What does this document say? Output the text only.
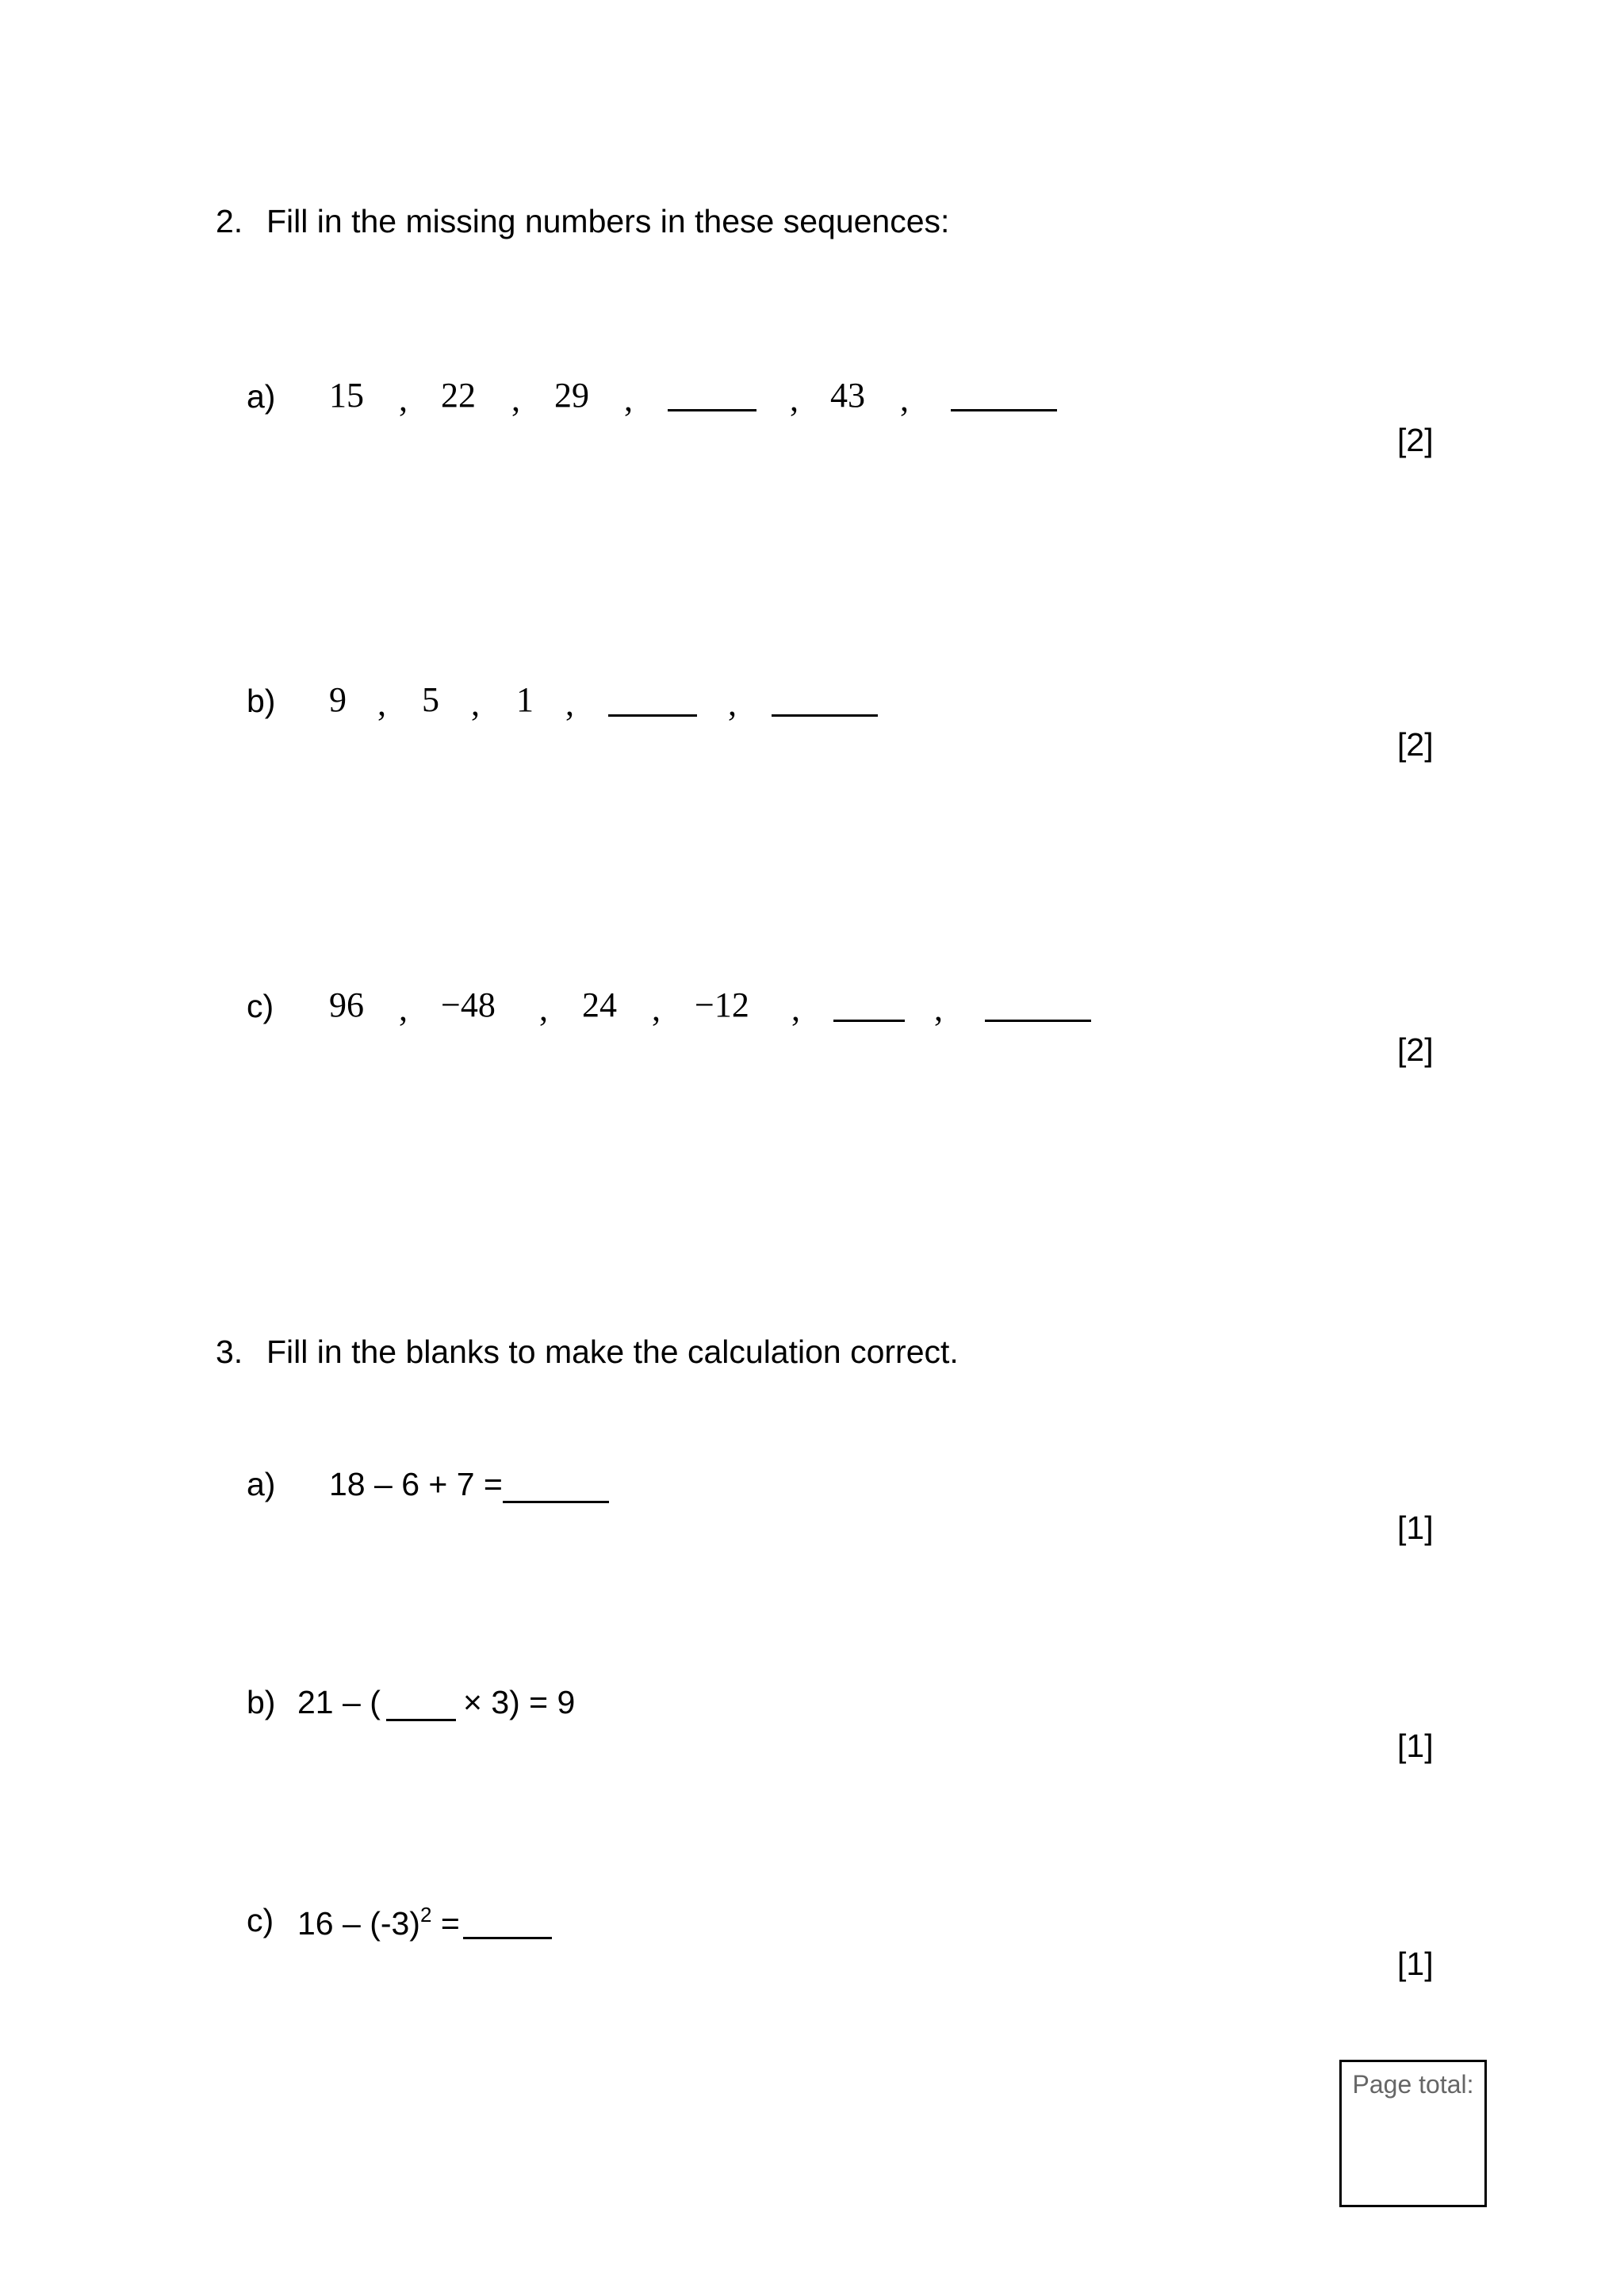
2. Fill in the missing numbers in these sequences:
a) 15 , 22 , 29 ,	, 43 ,
[2]
b) 9 , 5 , 1 ,	,
[2]
c) 96 , −48 , 24 , −12 ,	,
[2]
3. Fill in the blanks to make the calculation correct.
a) 18 – 6 + 7 =
[1]
b) 21 – (	× 3) = 9
[1]
c) $16 - (-3)^2$ =
[1]
Page total:
